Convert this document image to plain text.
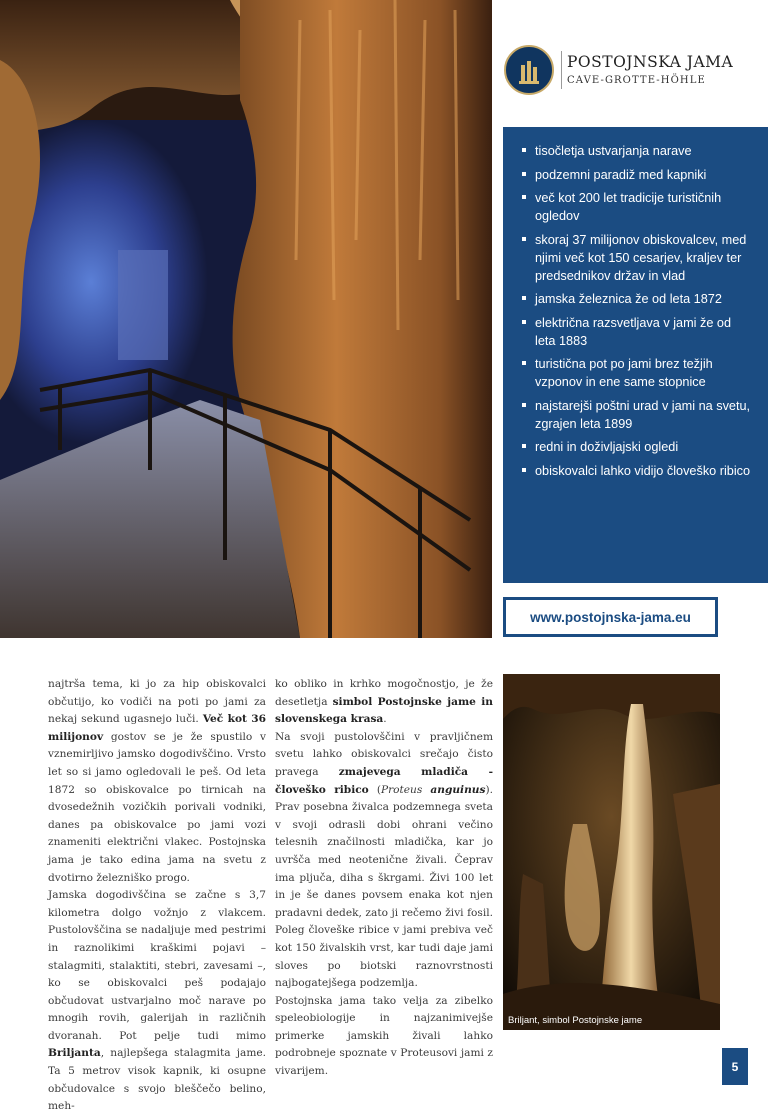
POSTOJNSKA JAMA
CAVE-GROTTE-HÖHLE
tisočletja ustvarjanja narave
podzemni paradiž med kapniki
več kot 200 let tradicije turističnih ogledov
skoraj 37 milijonov obiskovalcev, med njimi več kot 150 cesarjev, kraljev ter predsednikov držav in vlad
jamska železnica že od leta 1872
električna razsvetljava v jami že od leta 1883
turistična pot po jami brez težjih vzponov in ene same stopnice
najstarejši poštni urad v jami na svetu, zgrajen leta 1899
redni in doživljajski ogledi
obiskovalci lahko vidijo človeško ribico
www.postojnska-jama.eu

najtrša tema, ki jo za hip obiskovalci občutijo, ko vodiči na poti po jami za nekaj sekund ugasnejo luči. Več kot 36 milijonov gostov se je že spustilo v vznemirljivo jamsko dogodivščino. Vrsto let so si jamo ogledovali le peš. Od leta 1872 so obiskovalce po tirnicah na dvosedežnih vozičkih porivali vodniki, danes pa obiskovalce po jami vozi znameniti električni vlakec. Postojnska jama je tako edina jama na svetu z dvotirno železniško progo.

Jamska dogodivščina se začne s 3,7 kilometra dolgo vožnjo z vlakcem. Pustolovščina se nadaljuje med pestrimi in raznolikimi kraškimi pojavi – stalagmiti, stalaktiti, stebri, zavesami –, ko se obiskovalci peš podajajo občudovat ustvarjalno moč narave po mnogih rovih, galerijah in različnih dvoranah. Pot pelje tudi mimo Briljanta, najlepšega stalagmita jame. Ta 5 metrov visok kapnik, ki osupne občudovalce s svojo bleščečo belino, meh-

ko obliko in krhko mogočnostjo, je že desetletja simbol Postojnske jame in slovenskega krasa.

Na svoji pustolovščini v pravljičnem svetu lahko obiskovalci srečajo čisto pravega zmajevega mladiča - človeško ribico (Proteus anguinus). Prav posebna živalca podzemnega sveta v svoji odrasli dobi ohrani večino telesnih značilnosti mladička, kar jo uvršča med neotenične živali. Čeprav ima pljuča, diha s škrgami. Živi 100 let in je še danes povsem enaka kot njen pradavni dedek, zato ji rečemo živi fosil. Poleg človeške ribice v jami prebiva več kot 150 živalskih vrst, kar tudi daje jami sloves po biotski raznovrstnosti najbogatejšega podzemlja.

Postojnska jama tako velja za zibelko speleobiologije in najzanimivejše primerke jamskih živali lahko podrobneje spoznate v Proteusovi jami z vivarijem.

Briljant, simbol Postojnske jame
5
